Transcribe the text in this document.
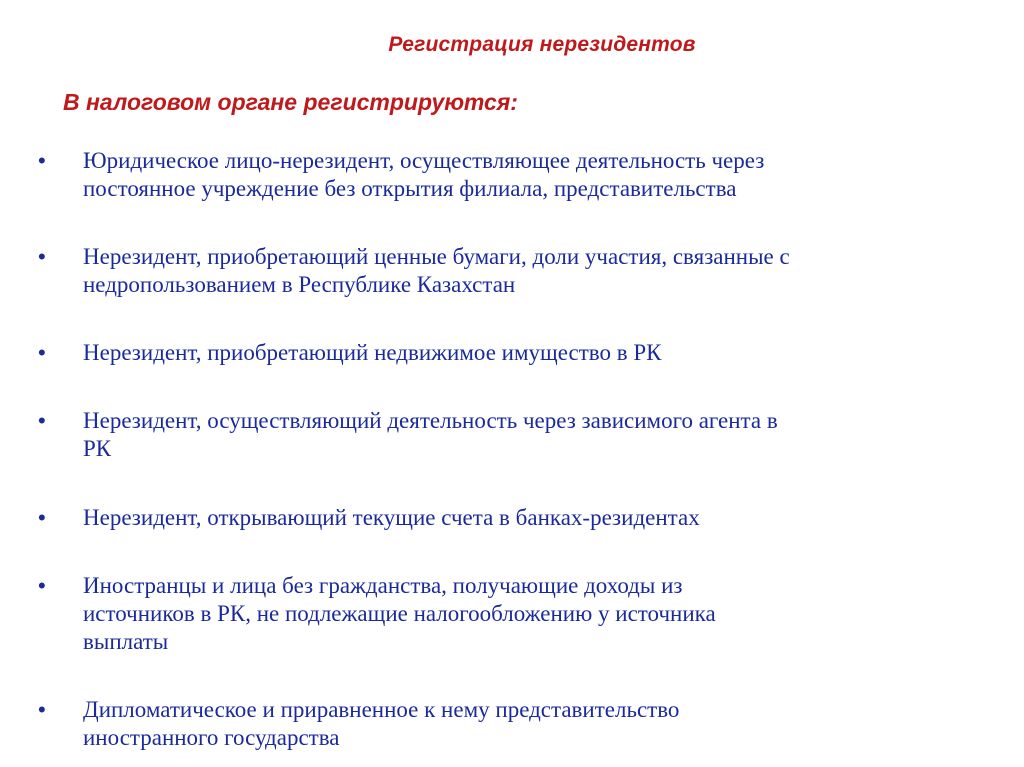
Регистрация нерезидентов
В налоговом органе регистрируются:
• Юридическое лицо-нерезидент, осуществляющее деятельность через
постоянное учреждение без открытия филиала, представительства
• Нерезидент, приобретающий ценные бумаги, доли участия, связанные с
недропользованием в Республике Казахстан
• Нерезидент, приобретающий недвижимое имущество в РК
• Нерезидент, осуществляющий деятельность через зависимого агента в
РК
• Нерезидент, открывающий текущие счета в банках-резидентах
• Иностранцы и лица без гражданства, получающие доходы из
источников в РК, не подлежащие налогообложению у источника
выплаты
• Дипломатическое и приравненное к нему представительство
иностранного государства
